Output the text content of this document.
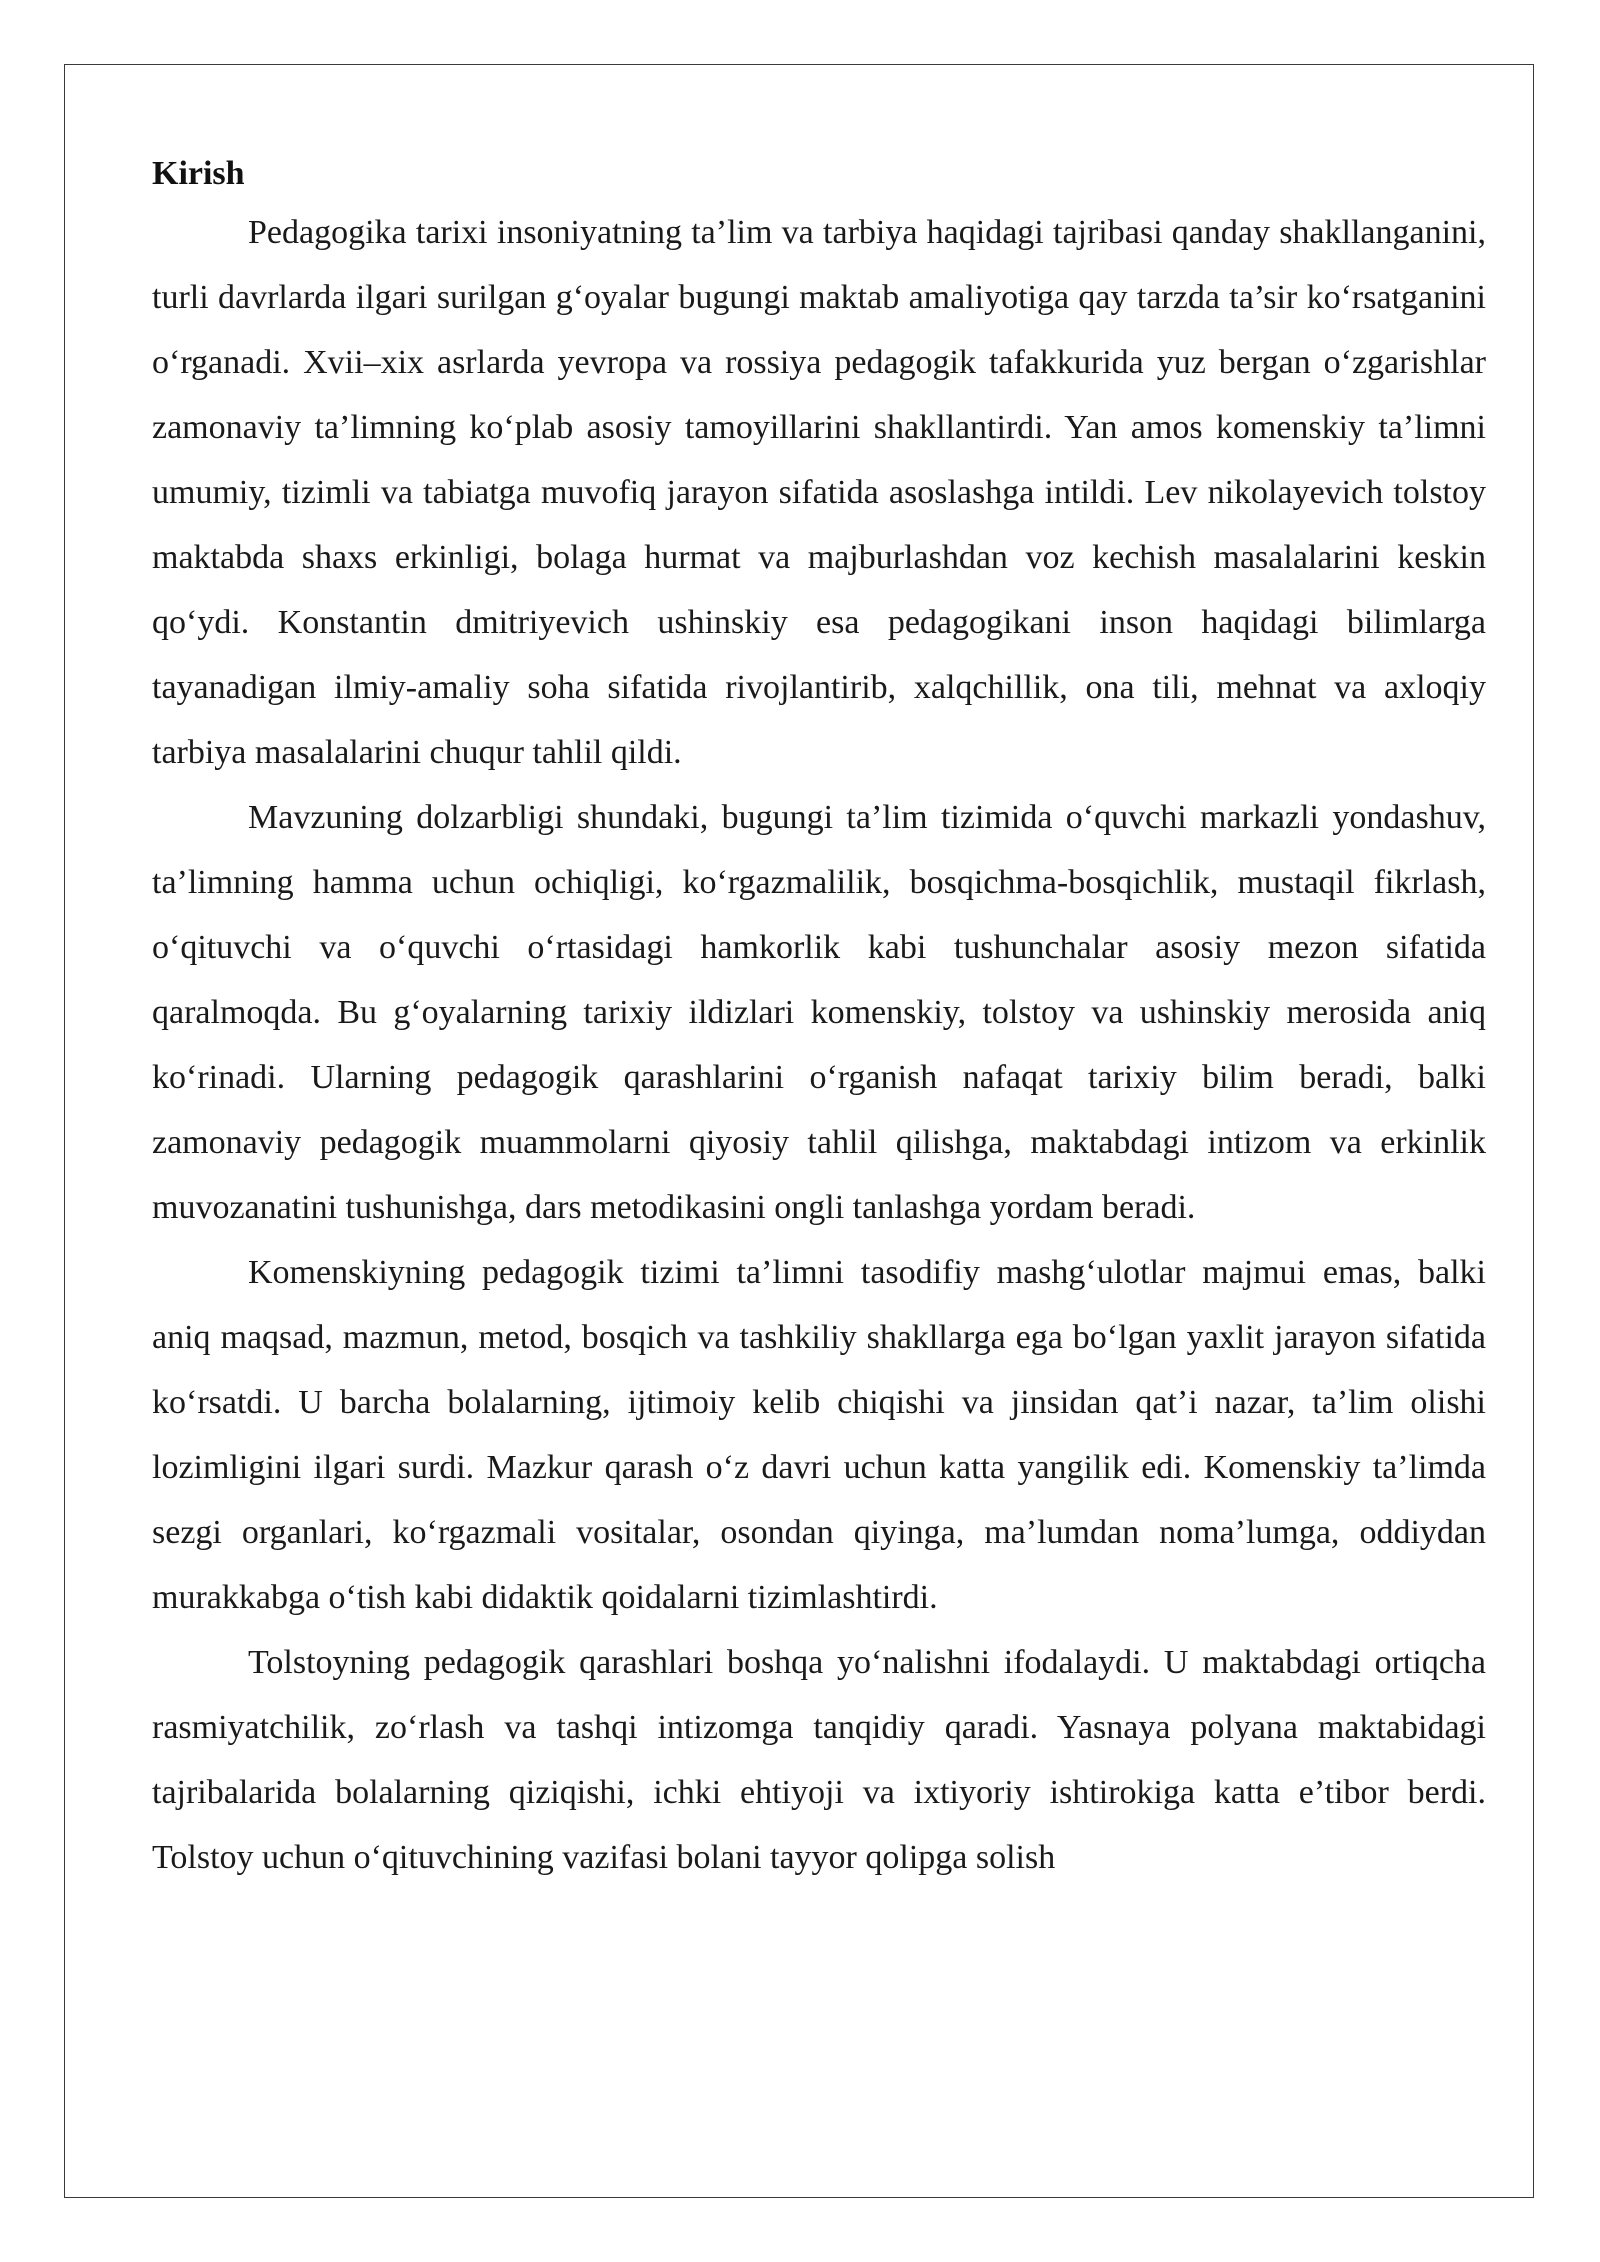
Kirish

Pedagogika tarixi insoniyatning ta’lim va tarbiya haqidagi tajribasi qanday shakllanganini, turli davrlarda ilgari surilgan g‘oyalar bugungi maktab amaliyotiga qay tarzda ta’sir ko‘rsatganini o‘rganadi. Xvii–xix asrlarda yevropa va rossiya pedagogik tafakkurida yuz bergan o‘zgarishlar zamonaviy ta’limning ko‘plab asosiy tamoyillarini shakllantirdi. Yan amos komenskiy ta’limni umumiy, tizimli va tabiatga muvofiq jarayon sifatida asoslashga intildi. Lev nikolayevich tolstoy maktabda shaxs erkinligi, bolaga hurmat va majburlashdan voz kechish masalalarini keskin qo‘ydi. Konstantin dmitriyevich ushinskiy esa pedagogikani inson haqidagi bilimlarga tayanadigan ilmiy-amaliy soha sifatida rivojlantirib, xalqchillik, ona tili, mehnat va axloqiy tarbiya masalalarini chuqur tahlil qildi.

Mavzuning dolzarbligi shundaki, bugungi ta’lim tizimida o‘quvchi markazli yondashuv, ta’limning hamma uchun ochiqligi, ko‘rgazmalilik, bosqichma-bosqichlik, mustaqil fikrlash, o‘qituvchi va o‘quvchi o‘rtasidagi hamkorlik kabi tushunchalar asosiy mezon sifatida qaralmoqda. Bu g‘oyalarning tarixiy ildizlari komenskiy, tolstoy va ushinskiy merosida aniq ko‘rinadi. Ularning pedagogik qarashlarini o‘rganish nafaqat tarixiy bilim beradi, balki zamonaviy pedagogik muammolarni qiyosiy tahlil qilishga, maktabdagi intizom va erkinlik muvozanatini tushunishga, dars metodikasini ongli tanlashga yordam beradi.

Komenskiyning pedagogik tizimi ta’limni tasodifiy mashg‘ulotlar majmui emas, balki aniq maqsad, mazmun, metod, bosqich va tashkiliy shakllarga ega bo‘lgan yaxlit jarayon sifatida ko‘rsatdi. U barcha bolalarning, ijtimoiy kelib chiqishi va jinsidan qat’i nazar, ta’lim olishi lozimligini ilgari surdi. Mazkur qarash o‘z davri uchun katta yangilik edi. Komenskiy ta’limda sezgi organlari, ko‘rgazmali vositalar, osondan qiyinga, ma’lumdan noma’lumga, oddiydan murakkabga o‘tish kabi didaktik qoidalarni tizimlashtirdi.

Tolstoyning pedagogik qarashlari boshqa yo‘nalishni ifodalaydi. U maktabdagi ortiqcha rasmiyatchilik, zo‘rlash va tashqi intizomga tanqidiy qaradi. Yasnaya polyana maktabidagi tajribalarida bolalarning qiziqishi, ichki ehtiyoji va ixtiyoriy ishtirokiga katta e’tibor berdi. Tolstoy uchun o‘qituvchining vazifasi bolani tayyor qolipga solish
